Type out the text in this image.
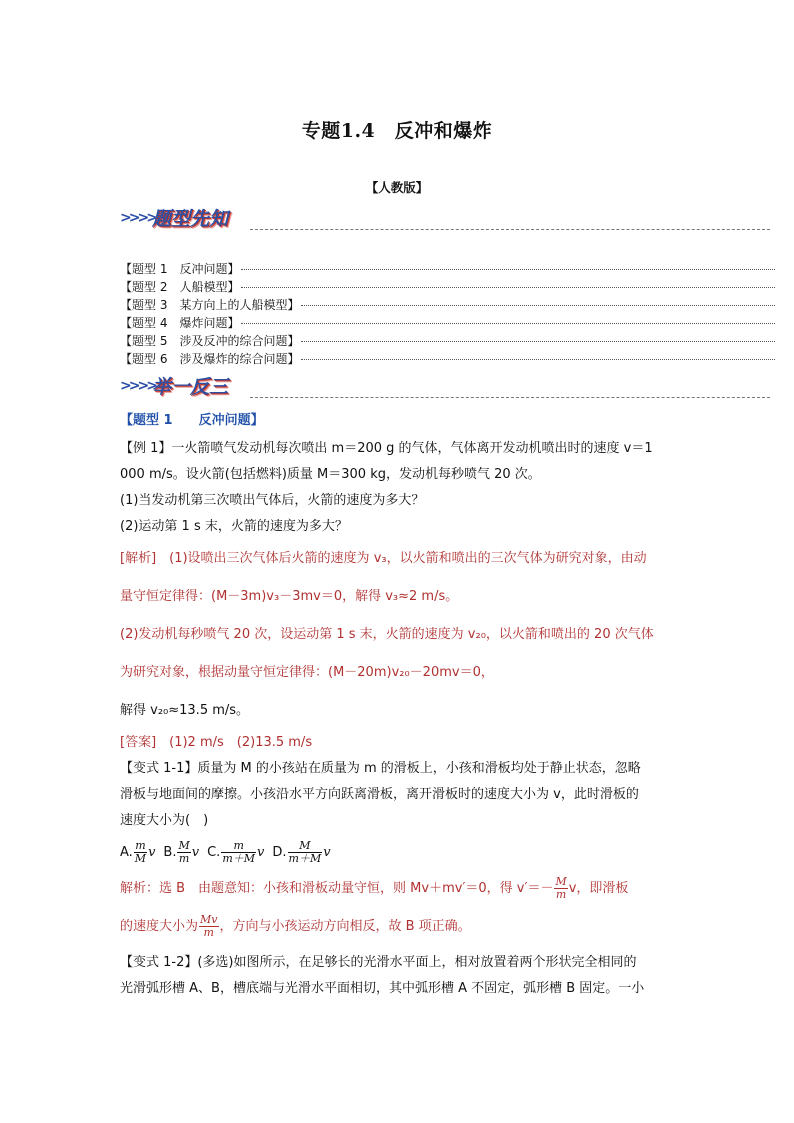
专题1.4　反冲和爆炸
【人教版】
>>>>
题型先知
【题型 1　反冲问题】
【题型 2　人船模型】
【题型 3　某方向上的人船模型】
【题型 4　爆炸问题】
【题型 5　涉及反冲的综合问题】
【题型 6　涉及爆炸的综合问题】
>>>>
举一反三

【题型 1　　反冲问题】

【例 1】一火箭喷气发动机每次喷出 m＝200 g 的气体，气体离开发动机喷出时的速度 v＝1

000 m/s。设火箭(包括燃料)质量 M＝300 kg，发动机每秒喷气 20 次。

(1)当发动机第三次喷出气体后，火箭的速度为多大？

(2)运动第 1 s 末，火箭的速度为多大？

[解析]　(1)设喷出三次气体后火箭的速度为 v₃，以火箭和喷出的三次气体为研究对象，由动

量守恒定律得：(M－3m)v₃－3mv＝0，解得 v₃≈2 m/s。

(2)发动机每秒喷气 20 次，设运动第 1 s 末，火箭的速度为 v₂₀，以火箭和喷出的 20 次气体

为研究对象，根据动量守恒定律得：(M－20m)v₂₀－20mv＝0，

解得 v₂₀≈13.5 m/s。

[答案]　(1)2 m/s　(2)13.5 m/s

【变式 1-1】质量为 M 的小孩站在质量为 m 的滑板上，小孩和滑板均处于静止状态，忽略

滑板与地面间的摩擦。小孩沿水平方向跃离滑板，离开滑板时的速度大小为 v，此时滑板的

速度大小为(　)

A. $\frac{m}{M}$ v B. $\frac{M}{m}$ v C. $\frac{m}{m+M}$ v D. $\frac{M}{m+M}$ v

解析：选 B　由题意知：小孩和滑板动量守恒，则 Mv＋mv′＝0，得 $v'=- \frac{M}{m}$ v，即滑板

的速度大小为 $\frac{Mv}{m}$ ，方向与小孩运动方向相反，故 B 项正确。

【变式 1-2】(多选)如图所示，在足够长的光滑水平面上，相对放置着两个形状完全相同的

光滑弧形槽 A、B，槽底端与光滑水平面相切，其中弧形槽 A 不固定，弧形槽 B 固定。一小
